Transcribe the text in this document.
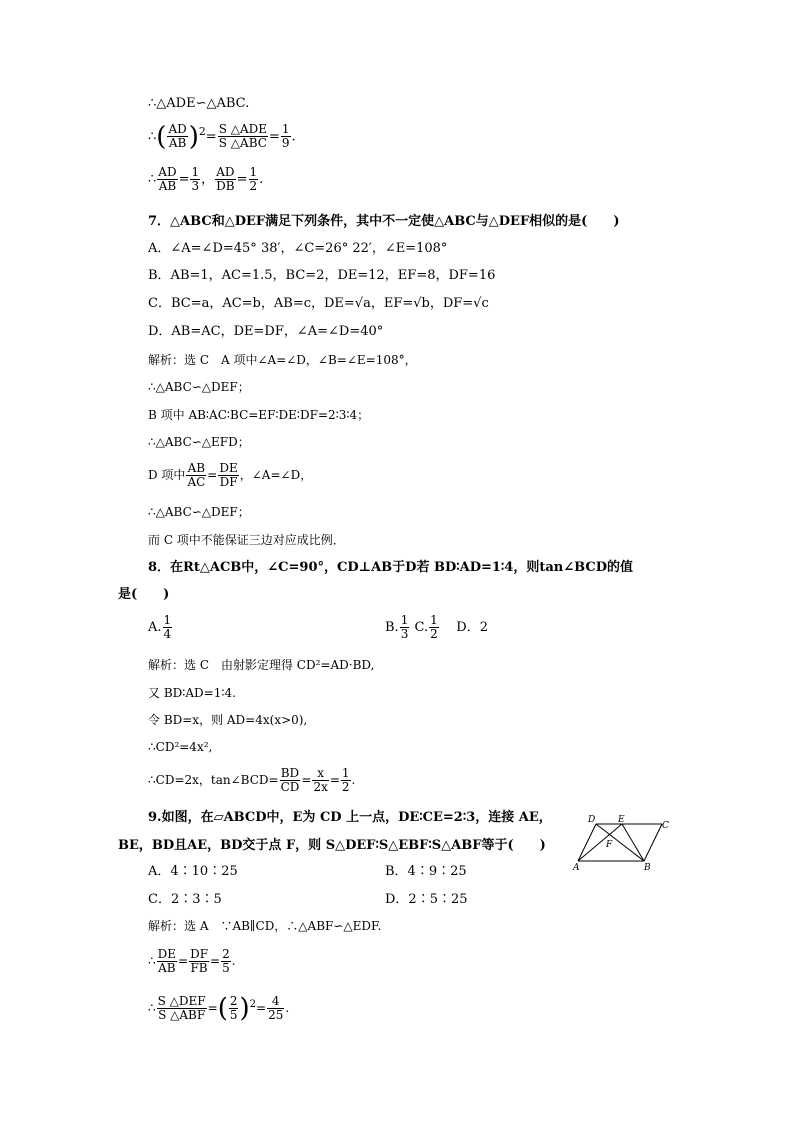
∴△ADE∽△ABC.
∴( $\frac{AD}{AB} )^2= \frac{\text{S △ADE}}{\text{S △ABC}} = \frac{1}{9}$ .
∴ $\frac{AD}{AB} = \frac{1}{3}$ ， $\frac{AD}{DB} = \frac{1}{2}$ .
7．△ABC和△DEF满足下列条件，其中不一定使△ABC与△DEF相似的是(　　)
A．∠A=∠D=45° 38′，∠C=26° 22′，∠E=108°
B．AB=1，AC=1.5，BC=2，DE=12，EF=8，DF=16
C．BC=a，AC=b，AB=c，DE=√a，EF=√b，DF=√c
D．AB=AC，DE=DF，∠A=∠D=40°
解析：选 C　A 项中∠A=∠D，∠B=∠E=108°，
∴△ABC∽△DEF；
B 项中 AB∶AC∶BC=EF∶DE∶DF=2∶3∶4；
∴△ABC∽△EFD；
D 项中 $\frac{AB}{AC} = \frac{DE}{DF}$ ，∠A=∠D，
∴△ABC∽△DEF；
而 C 项中不能保证三边对应成比例．
8．在Rt△ACB中，∠C=90°，CD⊥AB于D若 BD∶AD=1∶4，则tan∠BCD的值
是(　　)
A. $\frac{1}{4}$	B. $\frac{1}{3} C$. $\frac{1}{2}$ D．2
解析：选 C　由射影定理得 CD²=AD·BD,
又 BD∶AD=1∶4.
令 BD=x，则 AD=4x(x>0),
∴CD²=4x²,
∴CD=2x，tan∠BCD= $\frac{BD}{CD} = \frac{x}{2x} = \frac{1}{2}$ .
9.如图，在▱ABCD中，E为 CD 上一点，DE∶CE=2∶3，连接 AE，
BE，BD且AE，BD交于点 F，则 S△DEF∶S△EBF∶S△ABF等于(　　)
A．4∶10∶25	B．4∶9∶25
C．2∶3∶5	D．2∶5∶25
解析：选 A　∵AB∥CD，∴△ABF∽△EDF.
∴ $\frac{DE}{AB} = \frac{DF}{FB} = \frac{2}{5}$ .
∴ $\frac{\text{S △DEF}}{\text{S △ABF}}$ =( $\frac{2}{5} )^2= \frac{4}{25}$ .
D	E
C
F
A	B
